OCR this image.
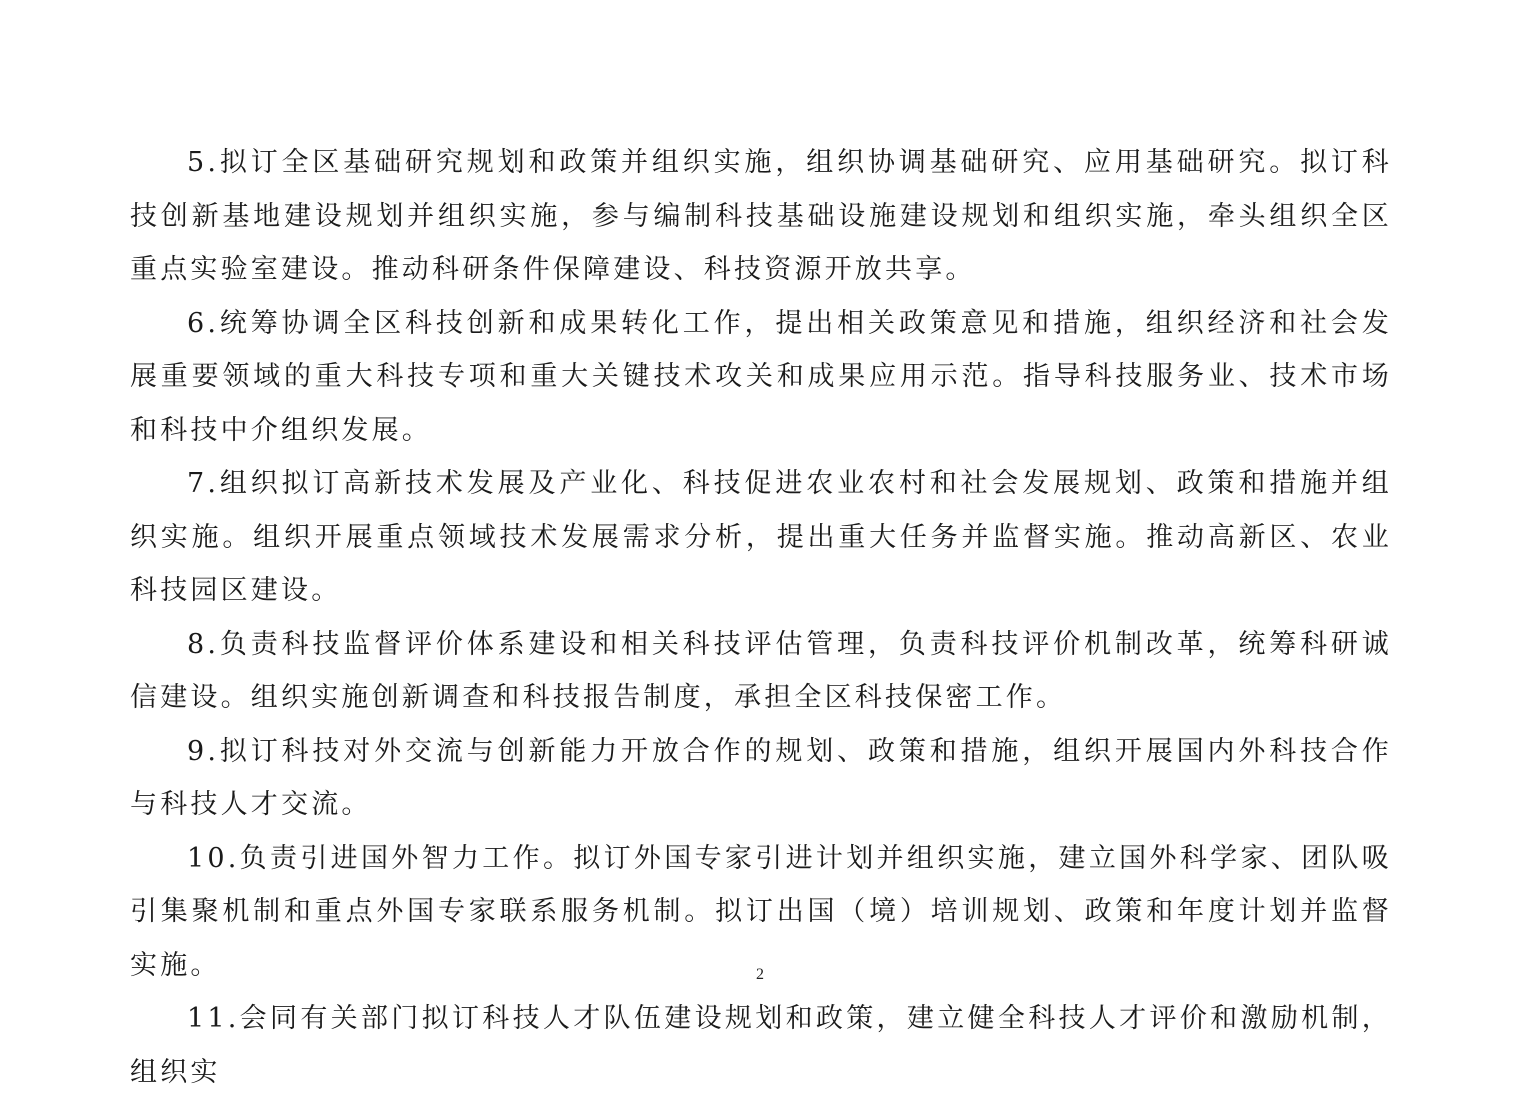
5.拟订全区基础研究规划和政策并组织实施，组织协调基础研究、应用基础研究。拟订科技创新基地建设规划并组织实施，参与编制科技基础设施建设规划和组织实施，牵头组织全区重点实验室建设。推动科研条件保障建设、科技资源开放共享。

6.统筹协调全区科技创新和成果转化工作，提出相关政策意见和措施，组织经济和社会发展重要领域的重大科技专项和重大关键技术攻关和成果应用示范。指导科技服务业、技术市场和科技中介组织发展。

7.组织拟订高新技术发展及产业化、科技促进农业农村和社会发展规划、政策和措施并组织实施。组织开展重点领域技术发展需求分析，提出重大任务并监督实施。推动高新区、农业科技园区建设。

8.负责科技监督评价体系建设和相关科技评估管理，负责科技评价机制改革，统筹科研诚信建设。组织实施创新调查和科技报告制度，承担全区科技保密工作。

9.拟订科技对外交流与创新能力开放合作的规划、政策和措施，组织开展国内外科技合作与科技人才交流。

10.负责引进国外智力工作。拟订外国专家引进计划并组织实施，建立国外科学家、团队吸引集聚机制和重点外国专家联系服务机制。拟订出国（境）培训规划、政策和年度计划并监督实施。

11.会同有关部门拟订科技人才队伍建设规划和政策，建立健全科技人才评价和激励机制，组织实

2
